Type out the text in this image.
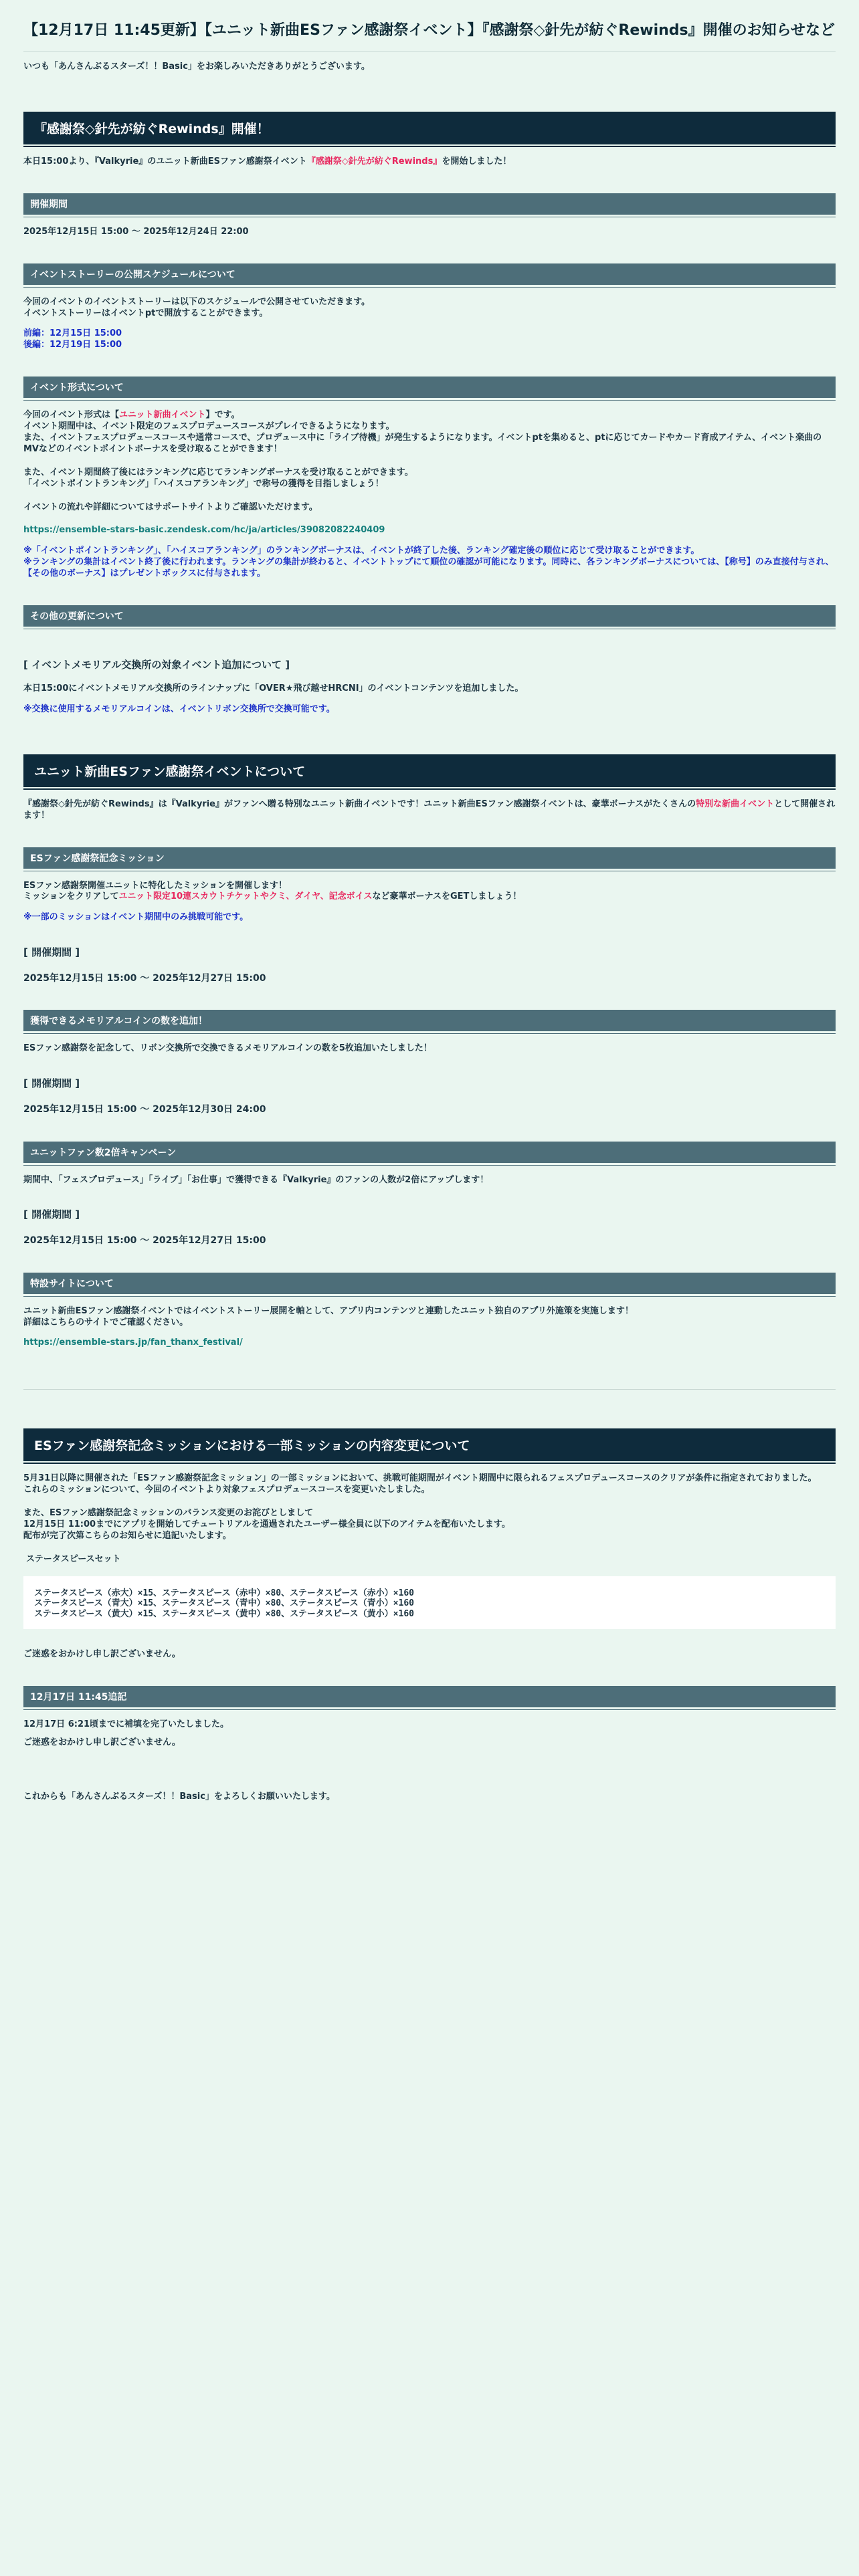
【12月17日 11:45更新】【ユニット新曲ESファン感謝祭イベント】『感謝祭◇針先が紡ぐRewinds』開催のお知らせなど

いつも「あんさんぶるスターズ！！Basic」をお楽しみいただきありがとうございます。

『感謝祭◇針先が紡ぐRewinds』開催！

本日15:00より、『Valkyrie』のユニット新曲ESファン感謝祭イベント『感謝祭◇針先が紡ぐRewinds』を開始しました！

開催期間

2025年12月15日 15:00 〜 2025年12月24日 22:00

イベントストーリーの公開スケジュールについて

今回のイベントのイベントストーリーは以下のスケジュールで公開させていただきます。

イベントストーリーはイベントptで開放することができます。

前編：12月15日 15:00

後編：12月19日 15:00

イベント形式について

今回のイベント形式は【ユニット新曲イベント】です。

イベント期間中は、イベント限定のフェスプロデュースコースがプレイできるようになります。

また、イベントフェスプロデュースコースや通常コースで、プロデュース中に「ライブ待機」が発生するようになります。イベントptを集めると、ptに応じてカードやカード育成アイテム、イベント楽曲のMVなどのイベントポイントボーナスを受け取ることができます！

また、イベント期間終了後にはランキングに応じてランキングボーナスを受け取ることができます。

「イベントポイントランキング」「ハイスコアランキング」で称号の獲得を目指しましょう！

イベントの流れや詳細についてはサポートサイトよりご確認いただけます。

https://ensemble-stars-basic.zendesk.com/hc/ja/articles/39082082240409

※「イベントポイントランキング」、「ハイスコアランキング」のランキングボーナスは、イベントが終了した後、ランキング確定後の順位に応じて受け取ることができます。

※ランキングの集計はイベント終了後に行われます。ランキングの集計が終わると、イベントトップにて順位の確認が可能になります。同時に、各ランキングボーナスについては、【称号】のみ直接付与され、【その他のボーナス】はプレゼントボックスに付与されます。

その他の更新について
[ イベントメモリアル交換所の対象イベント追加について ]

本日15:00にイベントメモリアル交換所のラインナップに「OVER★飛び越せHRCNI」のイベントコンテンツを追加しました。

※交換に使用するメモリアルコインは、イベントリボン交換所で交換可能です。

ユニット新曲ESファン感謝祭イベントについて

『感謝祭◇針先が紡ぐRewinds』は『Valkyrie』がファンへ贈る特別なユニット新曲イベントです！ユニット新曲ESファン感謝祭イベントは、豪華ボーナスがたくさんの特別な新曲イベントとして開催されます！

ESファン感謝祭記念ミッション

ESファン感謝祭開催ユニットに特化したミッションを開催します！

ミッションをクリアしてユニット限定10連スカウトチケットやクミ、ダイヤ、記念ボイスなど豪華ボーナスをGETしましょう！

※一部のミッションはイベント期間中のみ挑戦可能です。

[ 開催期間 ]

2025年12月15日 15:00 〜 2025年12月27日 15:00

獲得できるメモリアルコインの数を追加！

ESファン感謝祭を記念して、リボン交換所で交換できるメモリアルコインの数を5枚追加いたしました！

[ 開催期間 ]

2025年12月15日 15:00 〜 2025年12月30日 24:00

ユニットファン数2倍キャンペーン

期間中、「フェスプロデュース」「ライブ」「お仕事」で獲得できる『Valkyrie』のファンの人数が2倍にアップします！

[ 開催期間 ]

2025年12月15日 15:00 〜 2025年12月27日 15:00

特設サイトについて

ユニット新曲ESファン感謝祭イベントではイベントストーリー展開を軸として、アプリ内コンテンツと連動したユニット独自のアプリ外施策を実施します！

詳細はこちらのサイトでご確認ください。

https://ensemble-stars.jp/fan_thanx_festival/

ESファン感謝祭記念ミッションにおける一部ミッションの内容変更について

5月31日以降に開催された「ESファン感謝祭記念ミッション」の一部ミッションにおいて、挑戦可能期間がイベント期間中に限られるフェスプロデュースコースのクリアが条件に指定されておりました。

これらのミッションについて、今回のイベントより対象フェスプロデュースコースを変更いたしました。

また、ESファン感謝祭記念ミッションのバランス変更のお詫びとしまして

12月15日 11:00までにアプリを開始してチュートリアルを通過されたユーザー様全員に以下のアイテムを配布いたします。

配布が完了次第こちらのお知らせに追記いたします。

ステータスピースセット

ステータスピース（赤大）×15、ステータスピース（赤中）×80、ステータスピース（赤小）×160
ステータスピース（青大）×15、ステータスピース（青中）×80、ステータスピース（青小）×160
ステータスピース（黄大）×15、ステータスピース（黄中）×80、ステータスピース（黄小）×160

ご迷惑をおかけし申し訳ございません。

12月17日 11:45追記

12月17日 6:21頃までに補填を完了いたしました。

ご迷惑をおかけし申し訳ございません。

これからも「あんさんぶるスターズ！！Basic」をよろしくお願いいたします。
